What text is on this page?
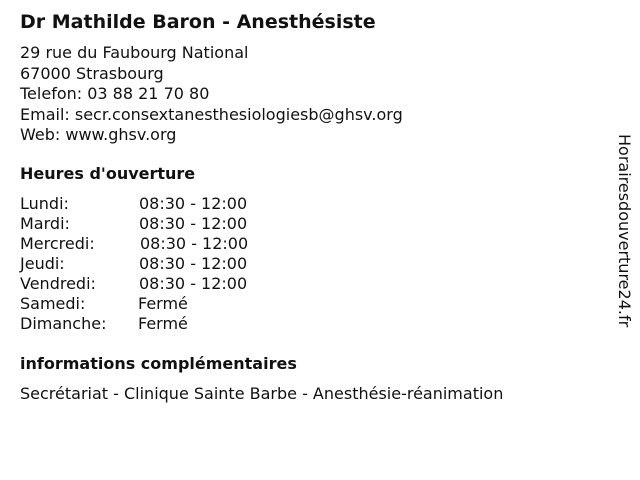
Dr Mathilde Baron - Anesthésiste
29 rue du Faubourg National
67000 Strasbourg
Telefon: 03 88 21 70 80
Email: secr.consextanesthesiologiesb@ghsv.org
Web: www.ghsv.org
Heures d'ouverture
Lundi:	08:30 - 12:00
Mardi:	08:30 - 12:00
Mercredi:	08:30 - 12:00
Jeudi:	08:30 - 12:00
Vendredi:	08:30 - 12:00
Samedi:	Fermé
Dimanche: Fermé
informations complémentaires
Secrétariat - Clinique Sainte Barbe - Anesthésie-réanimation
Horairesdouverture24.fr
